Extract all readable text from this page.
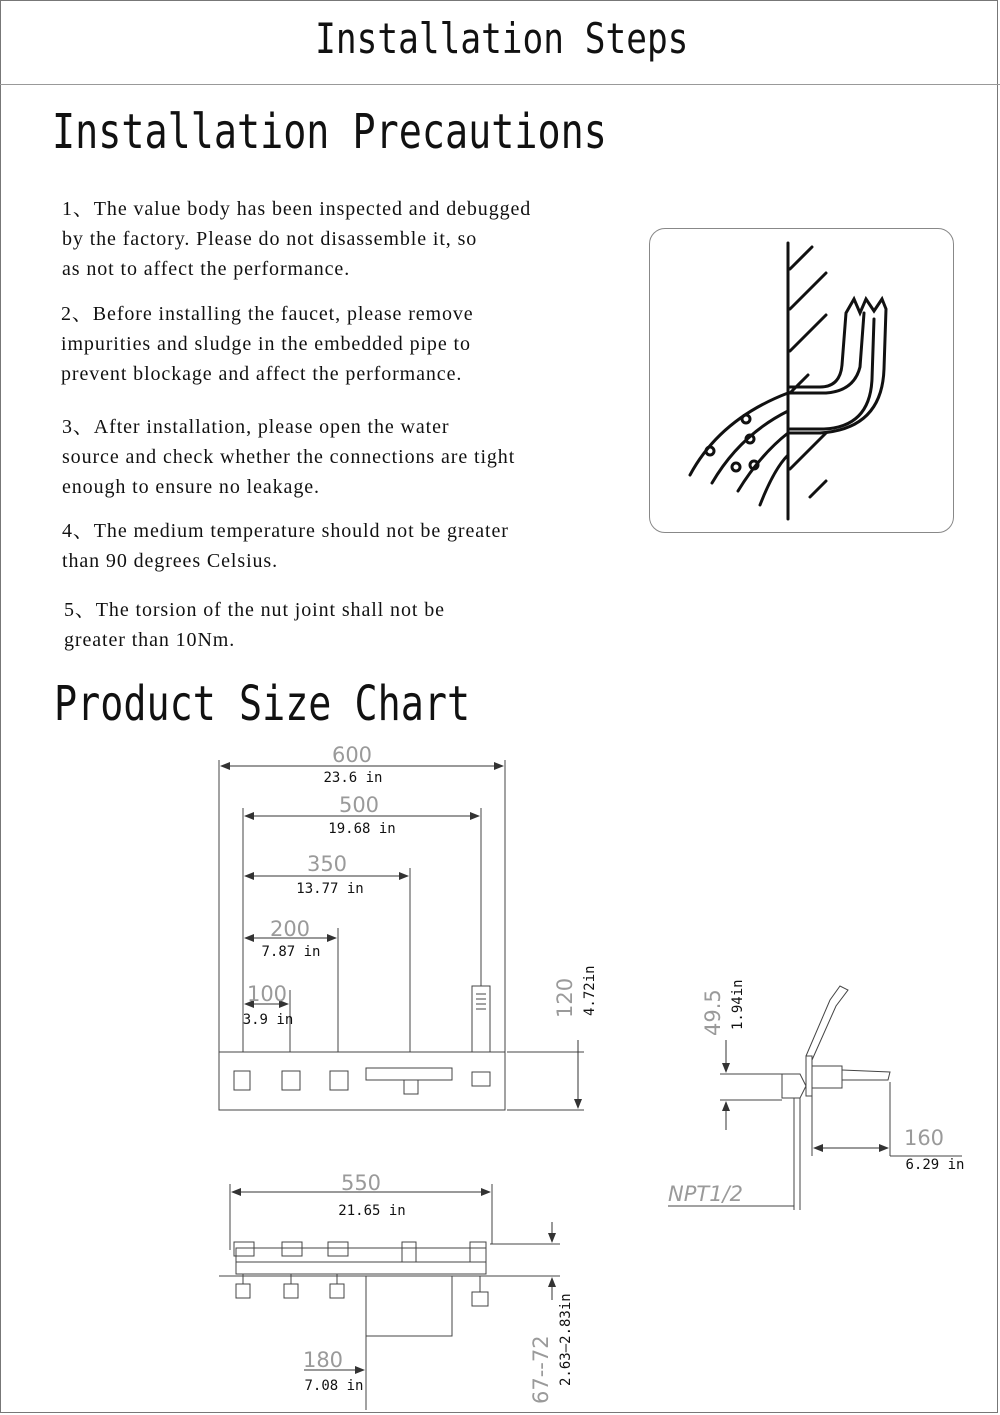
Installation Steps
Installation Precautions
1、The value body has been inspected and debugged
by the factory. Please do not disassemble it, so
as not to affect the performance.
2、Before installing the faucet, please remove
impurities and sludge in the embedded pipe to
prevent blockage and affect the performance.
3、After installation, please open the water
source and check whether the connections are tight
enough to ensure no leakage.
4、The medium temperature should not be greater
than 90 degrees Celsius.
5、The torsion of the nut joint shall not be
greater than 10Nm.
Product Size Chart
600
23.6 in
500
19.68 in
350
13.77 in
200
7.87 in
100
3.9 in
120 4.72in	49.5 1.94in
160
6.29 in
NPT1/2
550
21.65 in
180
7.08 in	67--72 2.63—2.83in
